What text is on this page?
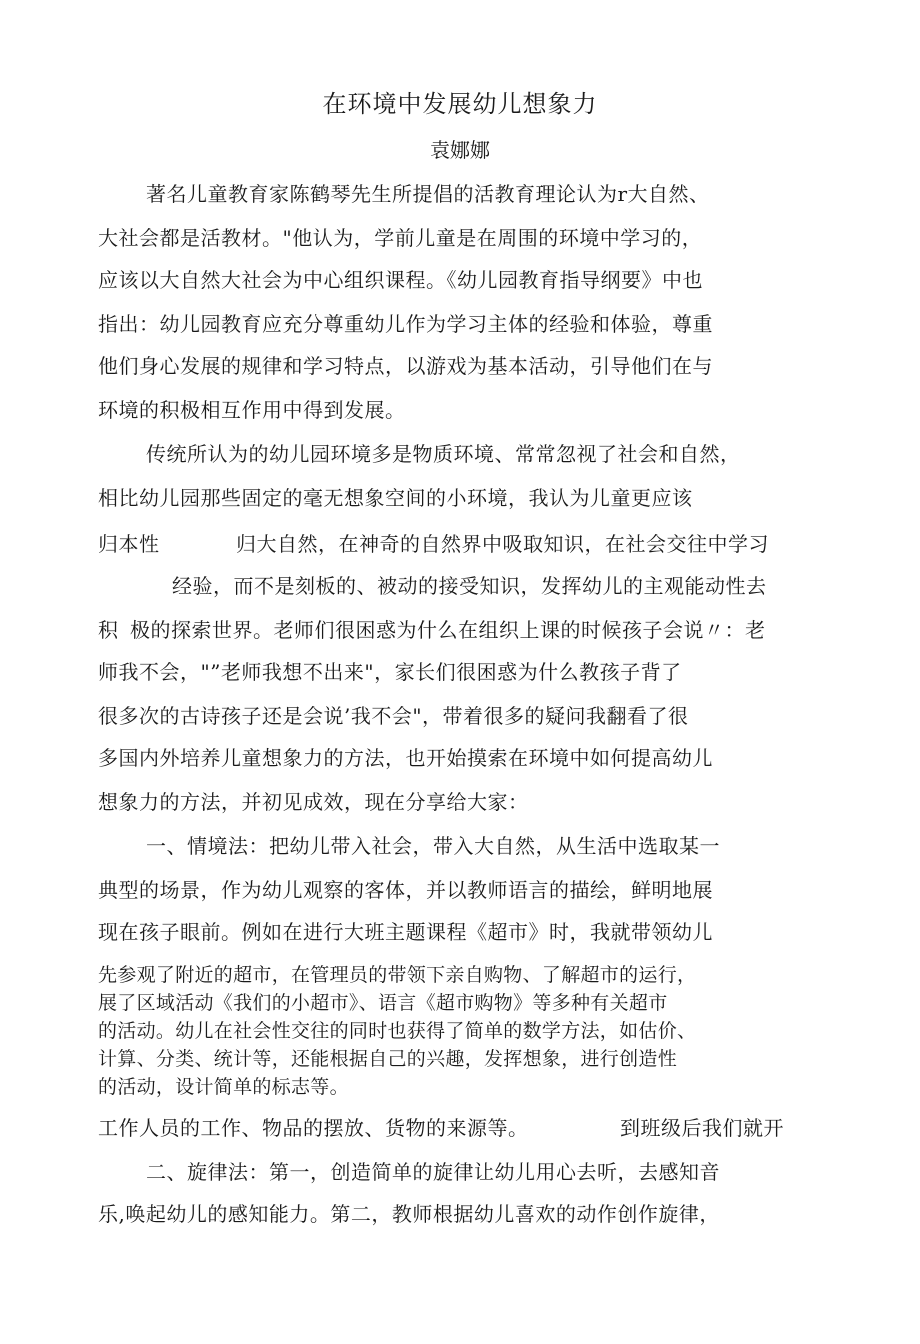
在环境中发展幼儿想象力
袁娜娜
著名儿童教育家陈鹤琴先生所提倡的活教育理论认为r大自然、
大社会都是活教材。"他认为，学前儿童是在周围的环境中学习的，
应该以大自然大社会为中心组织课程。《幼儿园教育指导纲要》中也
指出：幼儿园教育应充分尊重幼儿作为学习主体的经验和体验，尊重
他们身心发展的规律和学习特点，以游戏为基本活动，引导他们在与
环境的积极相互作用中得到发展。
传统所认为的幼儿园环境多是物质环境、常常忽视了社会和自然，
相比幼儿园那些固定的毫无想象空间的小环境，我认为儿童更应该
归本性	归大自然，在神奇的自然界中吸取知识，在社会交往中学习
经验，而不是刻板的、被动的接受知识，发挥幼儿的主观能动性去
积 极的探索世界。老师们很困惑为什么在组织上课的时候孩子会说〃：老
师我不会，"”老师我想不出来"，家长们很困惑为什么教孩子背了
很多次的古诗孩子还是会说’我不会"，带着很多的疑问我翻看了很
多国内外培养儿童想象力的方法，也开始摸索在环境中如何提高幼儿
想象力的方法，并初见成效，现在分享给大家：
一、情境法：把幼儿带入社会，带入大自然，从生活中选取某一
典型的场景，作为幼儿观察的客体，并以教师语言的描绘，鲜明地展
现在孩子眼前。例如在进行大班主题课程《超市》时，我就带领幼儿
先参观了附近的超市，在管理员的带领下亲自购物、了解超市的运行，
展了区域活动《我们的小超市》、语言《超市购物》等多种有关超市
的活动。幼儿在社会性交往的同时也获得了简单的数学方法，如估价、
计算、分类、统计等，还能根据自己的兴趣，发挥想象，进行创造性
的活动，设计简单的标志等。
工作人员的工作、物品的摆放、货物的来源等。	到班级后我们就开
二、旋律法：第一，创造简单的旋律让幼儿用心去听，去感知音
乐,唤起幼儿的感知能力。第二，教师根据幼儿喜欢的动作创作旋律，
